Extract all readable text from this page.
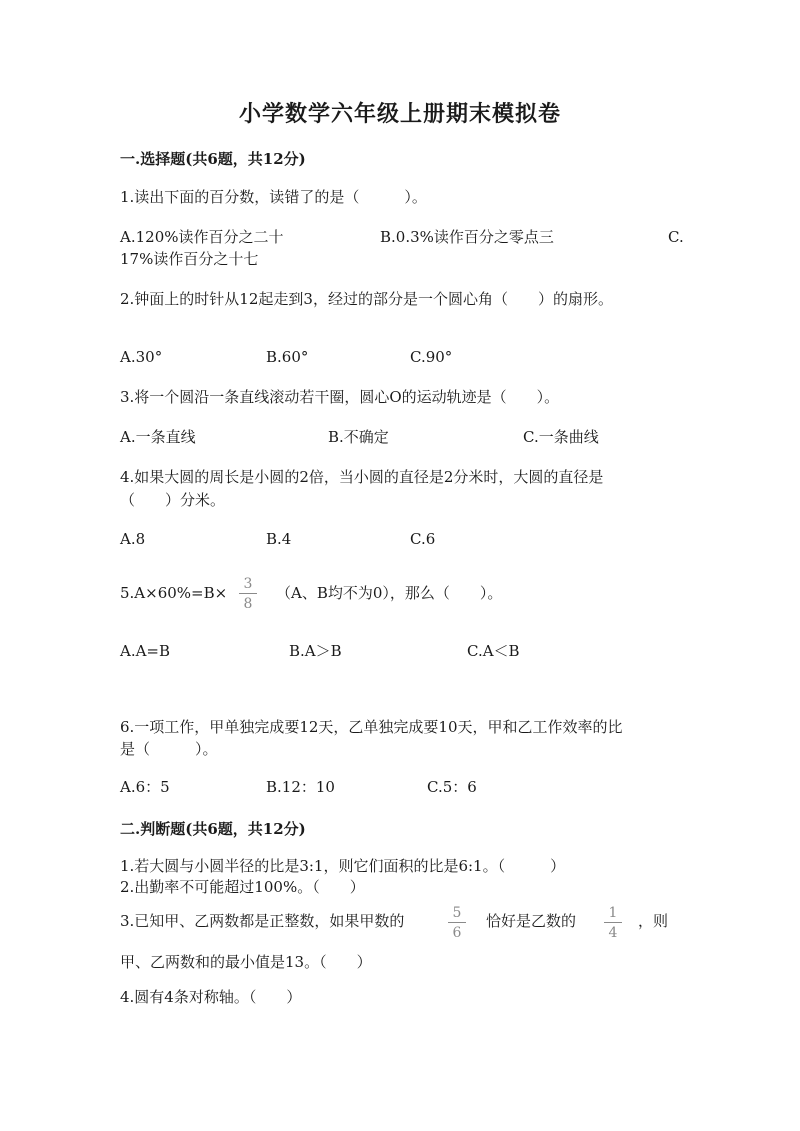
小学数学六年级上册期末模拟卷
一.选择题(共6题，共12分)
1.读出下面的百分数，读错了的是（　　　）。
A.120%读作百分之二十	B.0.3%读作百分之零点三	C.
17%读作百分之十七
2.钟面上的时针从12起走到3，经过的部分是一个圆心角（　　）的扇形。
A.30°	B.60°	C.90°
3.将一个圆沿一条直线滚动若干圈，圆心O的运动轨迹是（　　）。
A.一条直线	B.不确定	C.一条曲线
4.如果大圆的周长是小圆的2倍，当小圆的直径是2分米时，大圆的直径是
（　　）分米。
A.8	B.4	C.6
5.A×60%=B×	3
8
（A、B均不为0），那么（　　）。
A.A=B	B.A＞B	C.A＜B
6.一项工作，甲单独完成要12天，乙单独完成要10天，甲和乙工作效率的比
是（　　　）。
A.6：5	B.12：10	C.5：6
二.判断题(共6题，共12分)
1.若大圆与小圆半径的比是3:1，则它们面积的比是6:1。（　　　）
2.出勤率不可能超过100%。（　　）
3.已知甲、乙两数都是正整数，如果甲数的	5
6
恰好是乙数的	1
4
，则
甲、乙两数和的最小值是13。（　　）
4.圆有4条对称轴。（　　）
